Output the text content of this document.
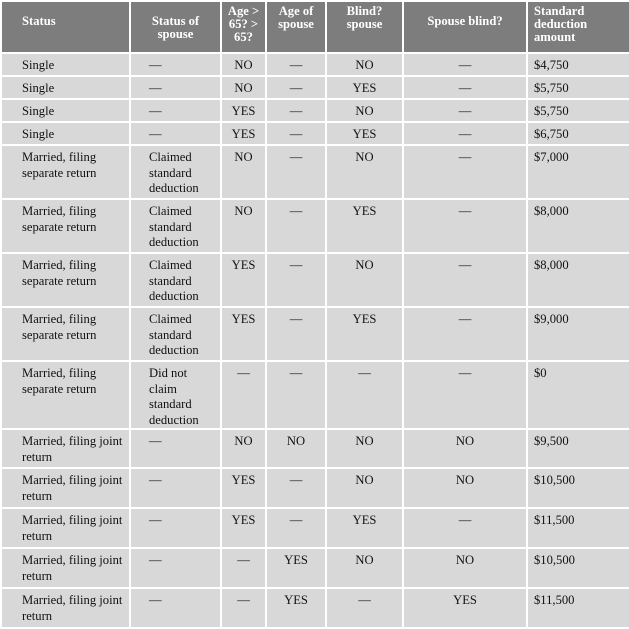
Status	Status of spouse	Age > 65? > 65?	Age of spouse	Blind? spouse	Spouse blind?	Standard deduction amount
Single	—	NO	—	NO	—	$4,750
Single	—	NO	—	YES	—	$5,750
Single	—	YES	—	NO	—	$5,750
Single	—	YES	—	YES	—	$6,750
Married, filing separate return	Claimed standard deduction	NO	—	NO	—	$7,000
Married, filing separate return	Claimed standard deduction	NO	—	YES	—	$8,000
Married, filing separate return	Claimed standard deduction	YES	—	NO	—	$8,000
Married, filing separate return	Claimed standard deduction	YES	—	YES	—	$9,000
Married, filing separate return	Did not claim standard deduction	—	—	—	—	$0
Married, filing joint return	—	NO	NO	NO	NO	$9,500
Married, filing joint return	—	YES	—	NO	NO	$10,500
Married, filing joint return	—	YES	—	YES	—	$11,500
Married, filing joint return	—	—	YES	NO	NO	$10,500
Married, filing joint return	—	—	YES	—	YES	$11,500
